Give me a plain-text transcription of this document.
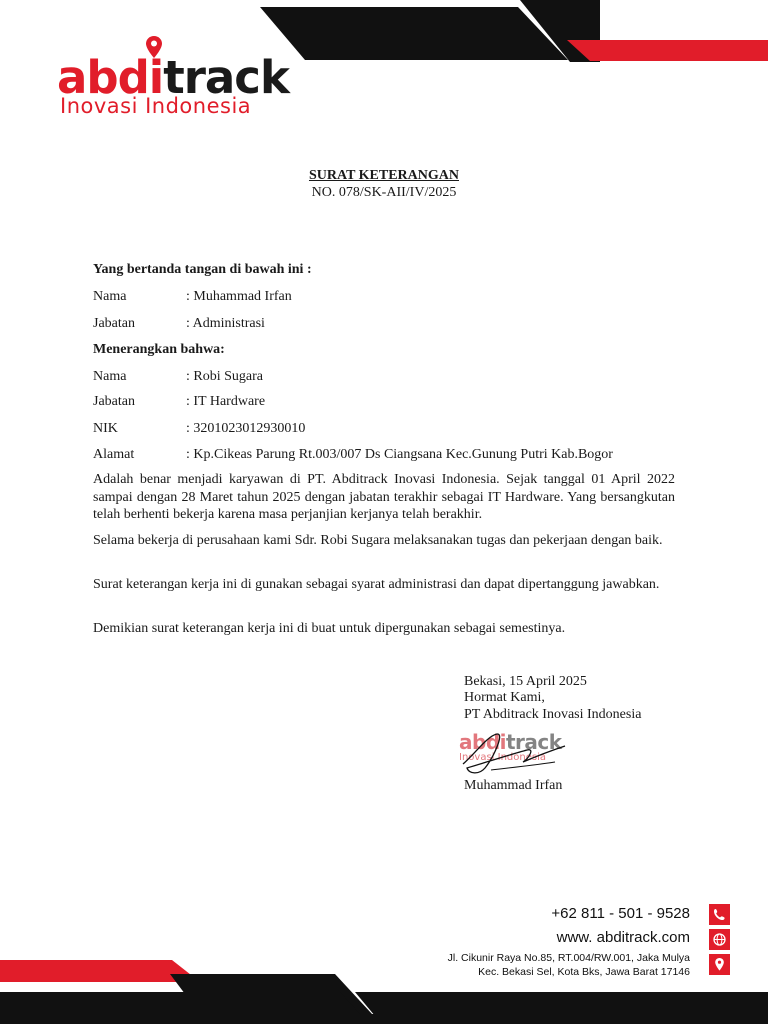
abditrack
Inovasi Indonesia
SURAT KETERANGAN
NO. 078/SK-AII/IV/2025
Yang bertanda tangan di bawah ini :
Nama	: Muhammad Irfan
Jabatan	: Administrasi
Menerangkan bahwa:
Nama	: Robi Sugara
Jabatan	: IT Hardware
NIK	: 3201023012930010
Alamat	: Kp.Cikeas Parung Rt.003/007 Ds Ciangsana Kec.Gunung Putri Kab.Bogor
Adalah benar menjadi karyawan di PT. Abditrack Inovasi Indonesia. Sejak tanggal 01 April 2022 sampai dengan 28 Maret tahun 2025 dengan jabatan terakhir sebagai IT Hardware. Yang bersangkutan telah berhenti bekerja karena masa perjanjian kerjanya telah berakhir.
Selama bekerja di perusahaan kami Sdr. Robi Sugara melaksanakan tugas dan pekerjaan dengan baik.
Surat keterangan kerja ini di gunakan sebagai syarat administrasi dan dapat dipertanggung jawabkan.
Demikian surat keterangan kerja ini di buat untuk dipergunakan sebagai semestinya.
Bekasi, 15 April 2025
Hormat Kami,
PT Abditrack Inovasi Indonesia
abditrack
Inovasi Indonesia
Muhammad Irfan
+62 811 - 501 - 9528
www. abditrack.com
Jl. Cikunir Raya No.85, RT.004/RW.001, Jaka Mulya
Kec. Bekasi Sel, Kota Bks, Jawa Barat 17146
